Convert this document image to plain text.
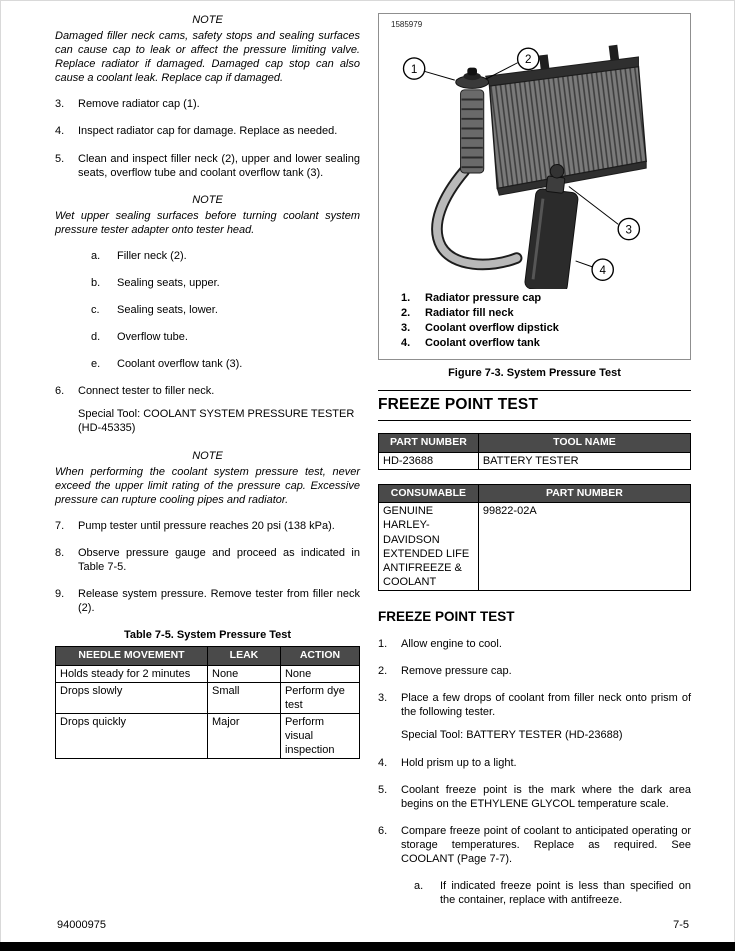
NOTE
Damaged filler neck cams, safety stops and sealing surfaces can cause cap to leak or affect the pressure limiting valve. Replace radiator if damaged. Damaged cap stop can also cause a coolant leak. Replace cap if damaged.
3.	Remove radiator cap (1).
4.	Inspect radiator cap for damage. Replace as needed.
5.	Clean and inspect filler neck (2), upper and lower sealing seats, overflow tube and coolant overflow tank (3).
NOTE
Wet upper sealing surfaces before turning coolant system pressure tester adapter onto tester head.
a.	Filler neck (2).
b.	Sealing seats, upper.
c.	Sealing seats, lower.
d.	Overflow tube.
e.	Coolant overflow tank (3).
6.	Connect tester to filler neck.
Special Tool: COOLANT SYSTEM PRESSURE TESTER (HD-45335)
NOTE
When performing the coolant system pressure test, never exceed the upper limit rating of the pressure cap. Excessive pressure can rupture cooling pipes and radiator.
7.	Pump tester until pressure reaches 20 psi (138 kPa).
8.	Observe pressure gauge and proceed as indicated in Table 7-5.
9.	Release system pressure. Remove tester from filler neck (2).
Table 7-5. System Pressure Test
NEEDLE MOVEMENT	LEAK	ACTION
Holds steady for 2 minutes	None	None
Drops slowly	Small	Perform dye test
Drops quickly	Major	Perform visual inspection
1585979
1
2
3
4
1.	Radiator pressure cap
2.	Radiator fill neck
3.	Coolant overflow dipstick
4.	Coolant overflow tank
Figure 7-3. System Pressure Test
FREEZE POINT TEST
PART NUMBER	TOOL NAME
HD-23688	BATTERY TESTER
CONSUMABLE	PART NUMBER
GENUINE HARLEY-DAVIDSON EXTENDED LIFE ANTIFREEZE & COOLANT	99822-02A
FREEZE POINT TEST
1.	Allow engine to cool.
2.	Remove pressure cap.
3.	Place a few drops of coolant from filler neck onto prism of the following tester.
Special Tool: BATTERY TESTER (HD-23688)
4.	Hold prism up to a light.
5.	Coolant freeze point is the mark where the dark area begins on the ETHYLENE GLYCOL temperature scale.
6.	Compare freeze point of coolant to anticipated operating or storage temperatures. Replace as required. See COOLANT (Page 7-7).
a.	If indicated freeze point is less than specified on the container, replace with antifreeze.
94000975	7-5
